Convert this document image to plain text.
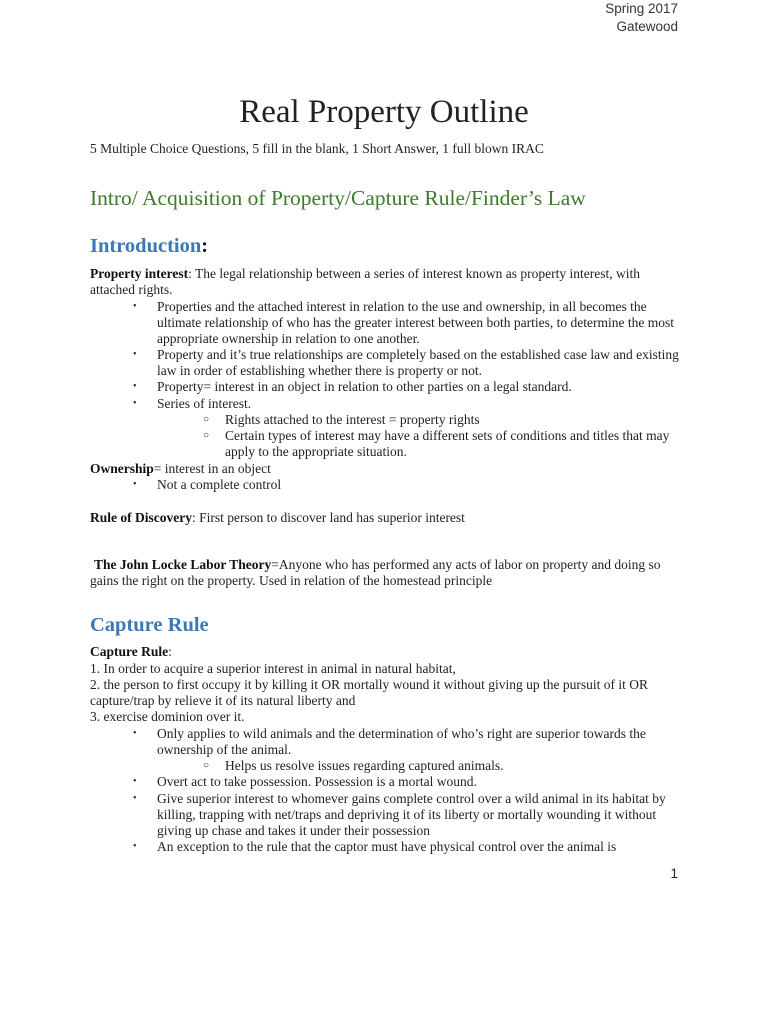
Spring 2017
Gatewood
Real Property Outline
5 Multiple Choice Questions, 5 fill in the blank, 1 Short Answer, 1 full blown IRAC
Intro/ Acquisition of Property/Capture Rule/Finder’s Law
Introduction:
Property interest: The legal relationship between a series of interest known as property interest, with attached rights.
• Properties and the attached interest in relation to the use and ownership, in all becomes the ultimate relationship of who has the greater interest between both parties, to determine the most appropriate ownership in relation to one another.
• Property and it’s true relationships are completely based on the established case law and existing law in order of establishing whether there is property or not.
• Property= interest in an object in relation to other parties on a legal standard.
• Series of interest.
○ Rights attached to the interest = property rights
○ Certain types of interest may have a different sets of conditions and titles that may apply to the appropriate situation.
Ownership= interest in an object
• Not a complete control
Rule of Discovery: First person to discover land has superior interest
The John Locke Labor Theory=Anyone who has performed any acts of labor on property and doing so gains the right on the property. Used in relation of the homestead principle
Capture Rule
Capture Rule:
1. In order to acquire a superior interest in animal in natural habitat,
2. the person to first occupy it by killing it OR mortally wound it without giving up the pursuit of it OR capture/trap by relieve it of its natural liberty and
3. exercise dominion over it.
• Only applies to wild animals and the determination of who’s right are superior towards the ownership of the animal.
○ Helps us resolve issues regarding captured animals.
• Overt act to take possession. Possession is a mortal wound.
• Give superior interest to whomever gains complete control over a wild animal in its habitat by killing, trapping with net/traps and depriving it of its liberty or mortally wounding it without giving up chase and takes it under their possession
• An exception to the rule that the captor must have physical control over the animal is
1
